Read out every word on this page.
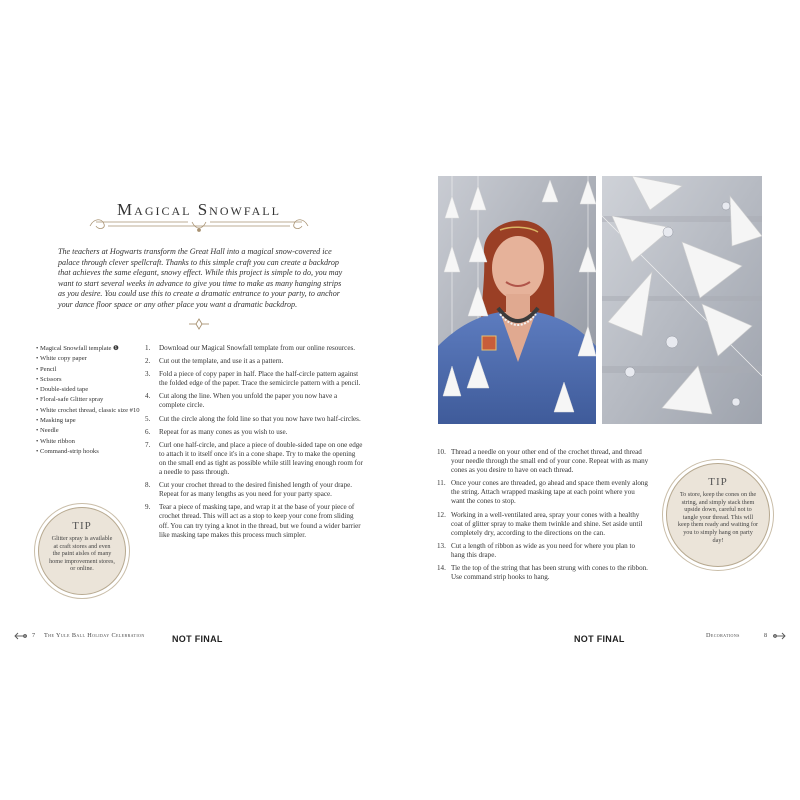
Magical Snowfall

The teachers at Hogwarts transform the Great Hall into a magical snow-covered ice palace through clever spellcraft. Thanks to this simple craft you can create a backdrop that achieves the same elegant, snowy effect. While this project is simple to do, you may want to start several weeks in advance to give you time to make as many hanging strips as you desire. You could use this to create a dramatic entrance to your party, to anchor your dance floor space or any other place you want a dramatic backdrop.

• Magical Snowfall template ❶
• White copy paper
• Pencil
• Scissors
• Double-sided tape
• Floral-safe Glitter spray
• White crochet thread, classic size #10
• Masking tape
• Needle
• White ribbon
• Command-strip hooks
1. Download our Magical Snowfall template from our online resources.
2. Cut out the template, and use it as a pattern.
3. Fold a piece of copy paper in half. Place the half-circle pattern against the folded edge of the paper. Trace the semicircle pattern with a pencil.
4. Cut along the line. When you unfold the paper you now have a complete circle.
5. Cut the circle along the fold line so that you now have two half-circles.
6. Repeat for as many cones as you wish to use.
7. Curl one half-circle, and place a piece of double-sided tape on one edge to attach it to itself once it's in a cone shape. Try to make the opening on the small end as tight as possible while still leaving enough room for a needle to pass through.
8. Cut your crochet thread to the desired finished length of your drape. Repeat for as many lengths as you need for your party space.
9. Tear a piece of masking tape, and wrap it at the base of your piece of crochet thread. This will act as a stop to keep your cone from sliding off. You can try tying a knot in the thread, but we found a wider barrier like masking tape makes this process much simpler.
TIP

Glitter spray is available at craft stores and even the paint aisles of many home improvement stores, or online.

7 The Yule Ball Holiday Celebration	NOT FINAL
10. Thread a needle on your other end of the crochet thread, and thread your needle through the small end of your cone. Repeat with as many cones as you desire to have on each thread.
11. Once your cones are threaded, go ahead and space them evenly along the string. Attach wrapped masking tape at each point where you want the cones to stop.
12. Working in a well-ventilated area, spray your cones with a healthy coat of glitter spray to make them twinkle and shine. Set aside until completely dry, according to the directions on the can.
13. Cut a length of ribbon as wide as you need for where you plan to hang this drape.
14. Tie the top of the string that has been strung with cones to the ribbon. Use command strip hooks to hang.
TIP

To store, keep the cones on the string, and simply stack them upside down, careful not to tangle your thread. This will keep them ready and waiting for you to simply hang on party day!

NOT FINAL	Decorations	8
